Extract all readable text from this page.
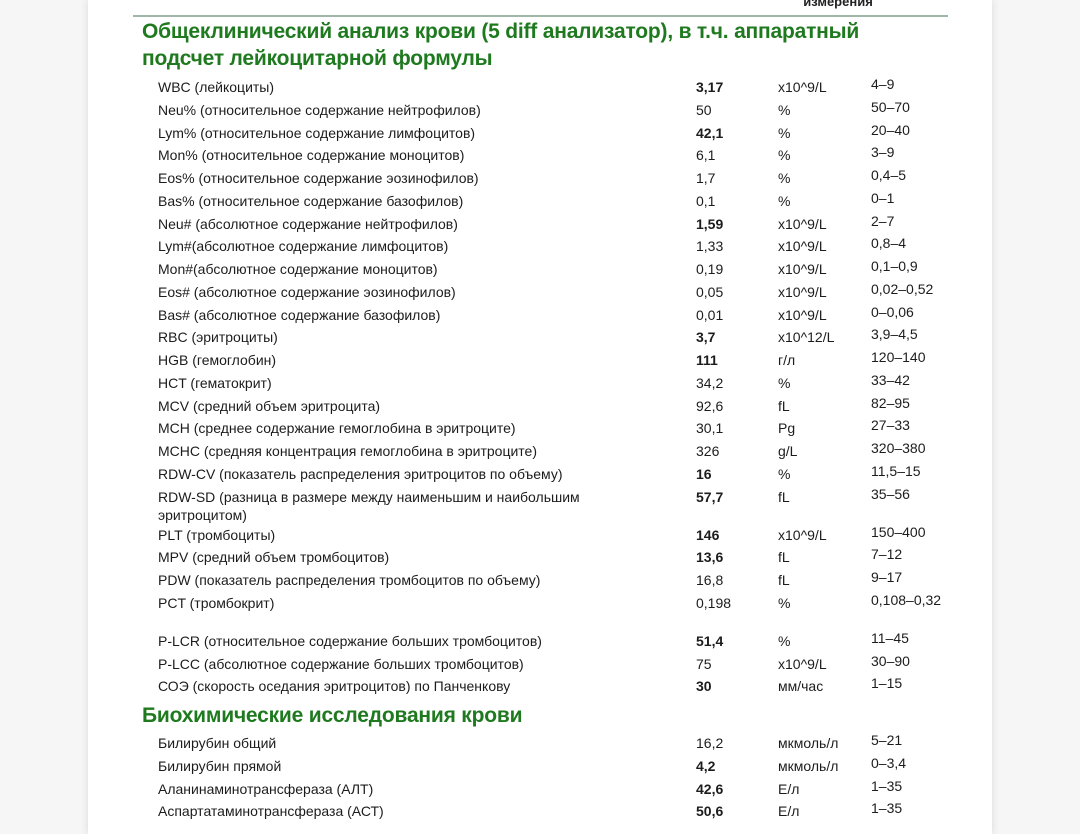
измерения
Общеклинический анализ крови (5 diff анализатор), в т.ч. аппаратный подсчет лейкоцитарной формулы
WBC (лейкоциты)	3,17	x10^9/L	4–9
Neu% (относительное содержание нейтрофилов)	50	%	50–70
Lym% (относительное содержание лимфоцитов)	42,1	%	20–40
Mon% (относительное содержание моноцитов)	6,1	%	3–9
Eos% (относительное содержание эозинофилов)	1,7	%	0,4–5
Bas% (относительное содержание базофилов)	0,1	%	0–1
Neu# (абсолютное содержание нейтрофилов)	1,59	x10^9/L	2–7
Lym#(абсолютное содержание лимфоцитов)	1,33	x10^9/L	0,8–4
Mon#(абсолютное содержание моноцитов)	0,19	x10^9/L	0,1–0,9
Eos# (абсолютное содержание эозинофилов)	0,05	x10^9/L	0,02–0,52
Bas# (абсолютное содержание базофилов)	0,01	x10^9/L	0–0,06
RBC (эритроциты)	3,7	x10^12/L	3,9–4,5
HGB (гемоглобин)	111	г/л	120–140
HCT (гематокрит)	34,2	%	33–42
MCV (средний объем эритроцита)	92,6	fL	82–95
MCH (среднее содержание гемоглобина в эритроците)	30,1	Pg	27–33
MCHC (средняя концентрация гемоглобина в эритроците)	326	g/L	320–380
RDW-CV (показатель распределения эритроцитов по объему)	16	%	11,5–15
RDW-SD (разница в размере между наименьшим и наибольшим эритроцитом)
57,7	fL	35–56
PLT (тромбоциты)	146	x10^9/L	150–400
MPV (средний объем тромбоцитов)	13,6	fL	7–12
PDW (показатель распределения тромбоцитов по объему)	16,8	fL	9–17
PCT (тромбокрит)	0,198	%	0,108–0,32
P-LCR (относительное содержание больших тромбоцитов)	51,4	%	11–45
P-LCC (абсолютное содержание больших тромбоцитов)	75	x10^9/L	30–90
СОЭ (скорость оседания эритроцитов) по Панченкову	30	мм/час	1–15
Биохимические исследования крови
Билирубин общий	16,2	мкмоль/л	5–21
Билирубин прямой	4,2	мкмоль/л	0–3,4
Аланинаминотрансфераза (АЛТ)	42,6	Е/л	1–35
Аспартатаминотрансфераза (АСТ)	50,6	Е/л	1–35
